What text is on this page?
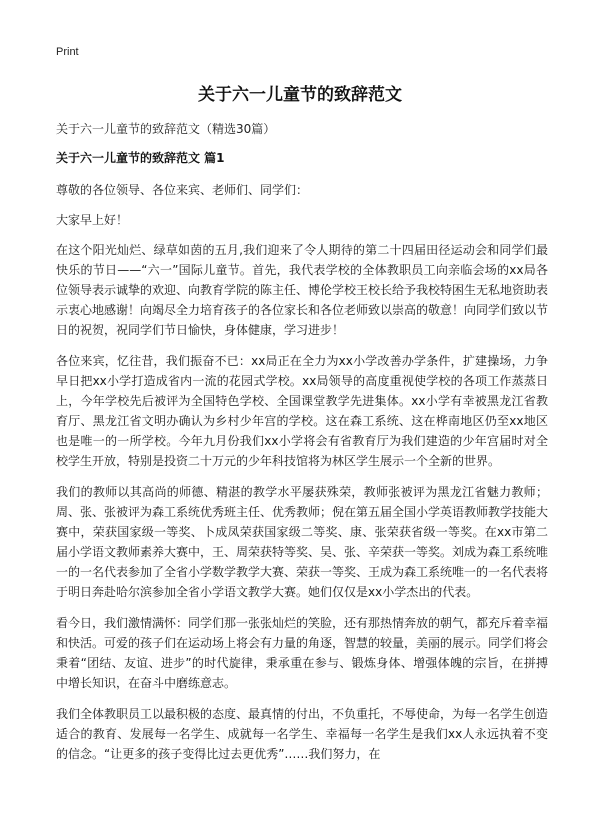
Print
关于六一儿童节的致辞范文
关于六一儿童节的致辞范文（精选30篇）
关于六一儿童节的致辞范文 篇1

尊敬的各位领导、各位来宾、老师们、同学们：

大家早上好！

在这个阳光灿烂、绿草如茵的五月,我们迎来了令人期待的第二十四届田径运动会和同学们最快乐的节日——“六一”国际儿童节。首先，我代表学校的全体教职员工向亲临会场的xx局各位领导表示诚挚的欢迎、向教育学院的陈主任、博伦学校王校长给予我校特困生无私地资助表示衷心地感谢！向竭尽全力培育孩子的各位家长和各位老师致以崇高的敬意！向同学们致以节日的祝贺，祝同学们节日愉快，身体健康，学习进步！

各位来宾，忆往昔，我们振奋不已：xx局正在全力为xx小学改善办学条件，扩建操场，力争早日把xx小学打造成省内一流的花园式学校。xx局领导的高度重视使学校的各项工作蒸蒸日上，今年学校先后被评为全国特色学校、全国课堂教学先进集体。xx小学有幸被黑龙江省教育厅、黑龙江省文明办确认为乡村少年宫的学校。这在森工系统、这在桦南地区仍至xx地区也是唯一的一所学校。今年九月份我们xx小学将会有省教育厅为我们建造的少年宫届时对全校学生开放，特别是投资二十万元的少年科技馆将为林区学生展示一个全新的世界。

我们的教师以其高尚的师德、精湛的教学水平屡获殊荣，教师张被评为黑龙江省魅力教师；周、张、张被评为森工系统优秀班主任、优秀教师；倪在第五届全国小学英语教师教学技能大赛中，荣获国家级一等奖、卜成凤荣获国家级二等奖、康、张荣获省级一等奖。在xx市第二届小学语文教师素养大赛中，王、周荣获特等奖、吴、张、辛荣获一等奖。刘成为森工系统唯一的一名代表参加了全省小学数学教学大赛、荣获一等奖、王成为森工系统唯一的一名代表将于明日奔赴哈尔滨参加全省小学语文教学大赛。她们仅仅是xx小学杰出的代表。

看今日，我们激情满怀：同学们那一张张灿烂的笑脸，还有那热情奔放的朝气，都充斥着幸福和快活。可爱的孩子们在运动场上将会有力量的角逐，智慧的较量，美丽的展示。同学们将会秉着“团结、友谊、进步”的时代旋律，秉承重在参与、锻炼身体、增强体魄的宗旨，在拼搏中增长知识，在奋斗中磨练意志。

我们全体教职员工以最积极的态度、最真情的付出，不负重托，不辱使命，为每一名学生创造适合的教育、发展每一名学生、成就每一名学生、幸福每一名学生是我们xx人永远执着不变的信念。“让更多的孩子变得比过去更优秀”……我们努力，在
